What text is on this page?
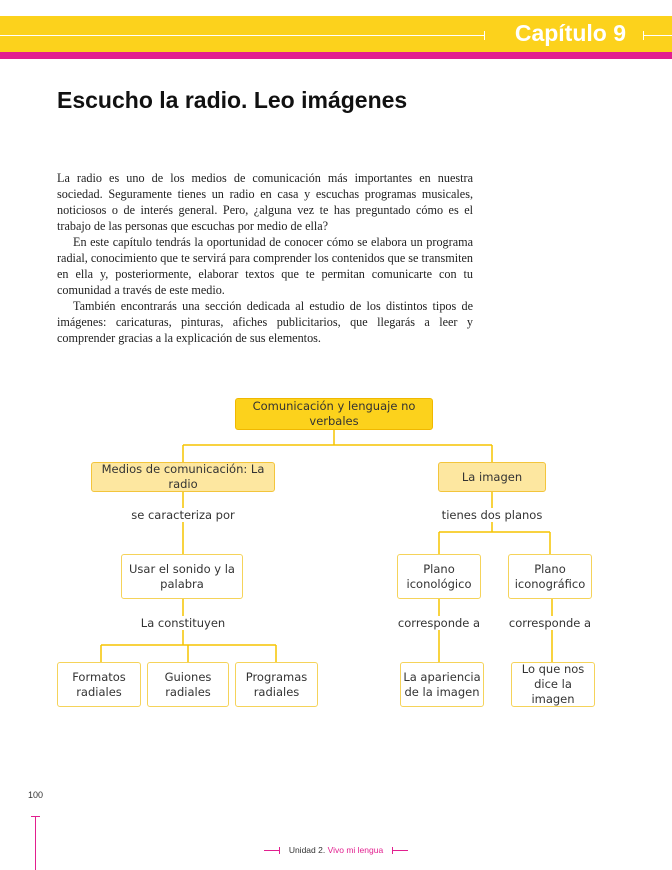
Capítulo 9
Escucho la radio. Leo imágenes

La radio es uno de los medios de comunicación más importantes en nuestra sociedad. Seguramente tienes un radio en casa y escuchas programas musicales, noticiosos o de interés general. Pero, ¿alguna vez te has preguntado cómo es el trabajo de las personas que escuchas por medio de ella?

En este capítulo tendrás la oportunidad de conocer cómo se elabora un programa radial, conocimiento que te servirá para comprender los contenidos que se transmiten en ella y, posteriormente, elaborar textos que te permitan comunicarte con tu comunidad a través de este medio.

También encontrarás una sección dedicada al estudio de los distintos tipos de imágenes: caricaturas, pinturas, afiches publicitarios, que llegarás a leer y comprender gracias a la explicación de sus elementos.

Comunicación y lenguaje no verbales
Medios de comunicación: La radio
La imagen
se caracteriza por	tienes dos planos
Usar el sonido y la palabra
Plano iconológico
Plano iconográfico
La constituyen	corresponde a	corresponde a
Formatos radiales
Guiones radiales
Programas radiales
La apariencia de la imagen
Lo que nos dice la imagen
100
Unidad 2. Vivo mi lengua
